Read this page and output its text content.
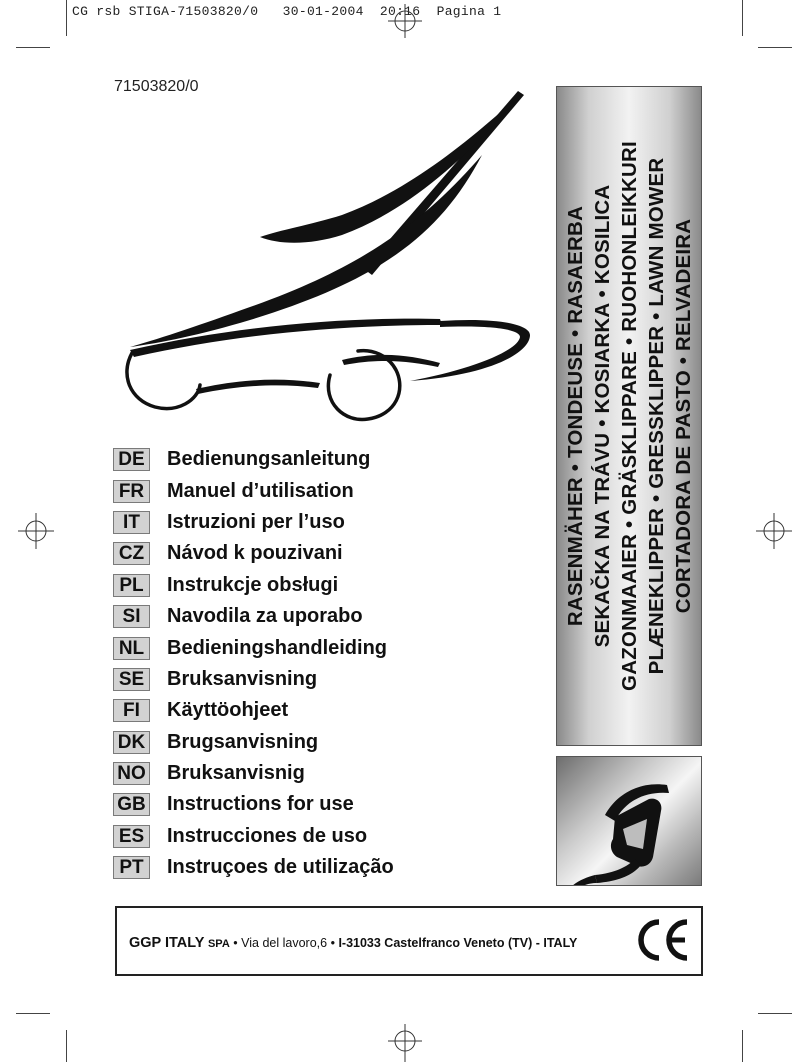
CG rsb STIGA-71503820/0 30-01-2004 20:16 Pagina 1
71503820/0
DE Bedienungsanleitung
FR Manuel d’utilisation
IT	Istruzioni per l’uso
CZ Návod k pouzivani
PL	Instrukcje obsługi
SI	Navodila za uporabo
NL Bedieningshandleiding
SE Bruksanvisning
FI	Käyttöohjeet
DK Brugsanvisning
NO Bruksanvisnig
GB Instructions for use
ES Instrucciones de uso
PT	Instruçoes de utilização
RASENMÄHER • TONDEUSE • RASAERBA SEKAČKA NA TRÁVU • KOSIARKA • KOSILICA GAZONMAAIER • GRÄSKLIPPARE • RUOHONLEIKKURI PLÆNEKLIPPER • GRESSKLIPPER • LAWN MOWER CORTADORA DE PASTO • RELVADEIRA
GGP ITALY SPA • Via del lavoro,6 • I-31033 Castelfranco Veneto (TV) - ITALY
